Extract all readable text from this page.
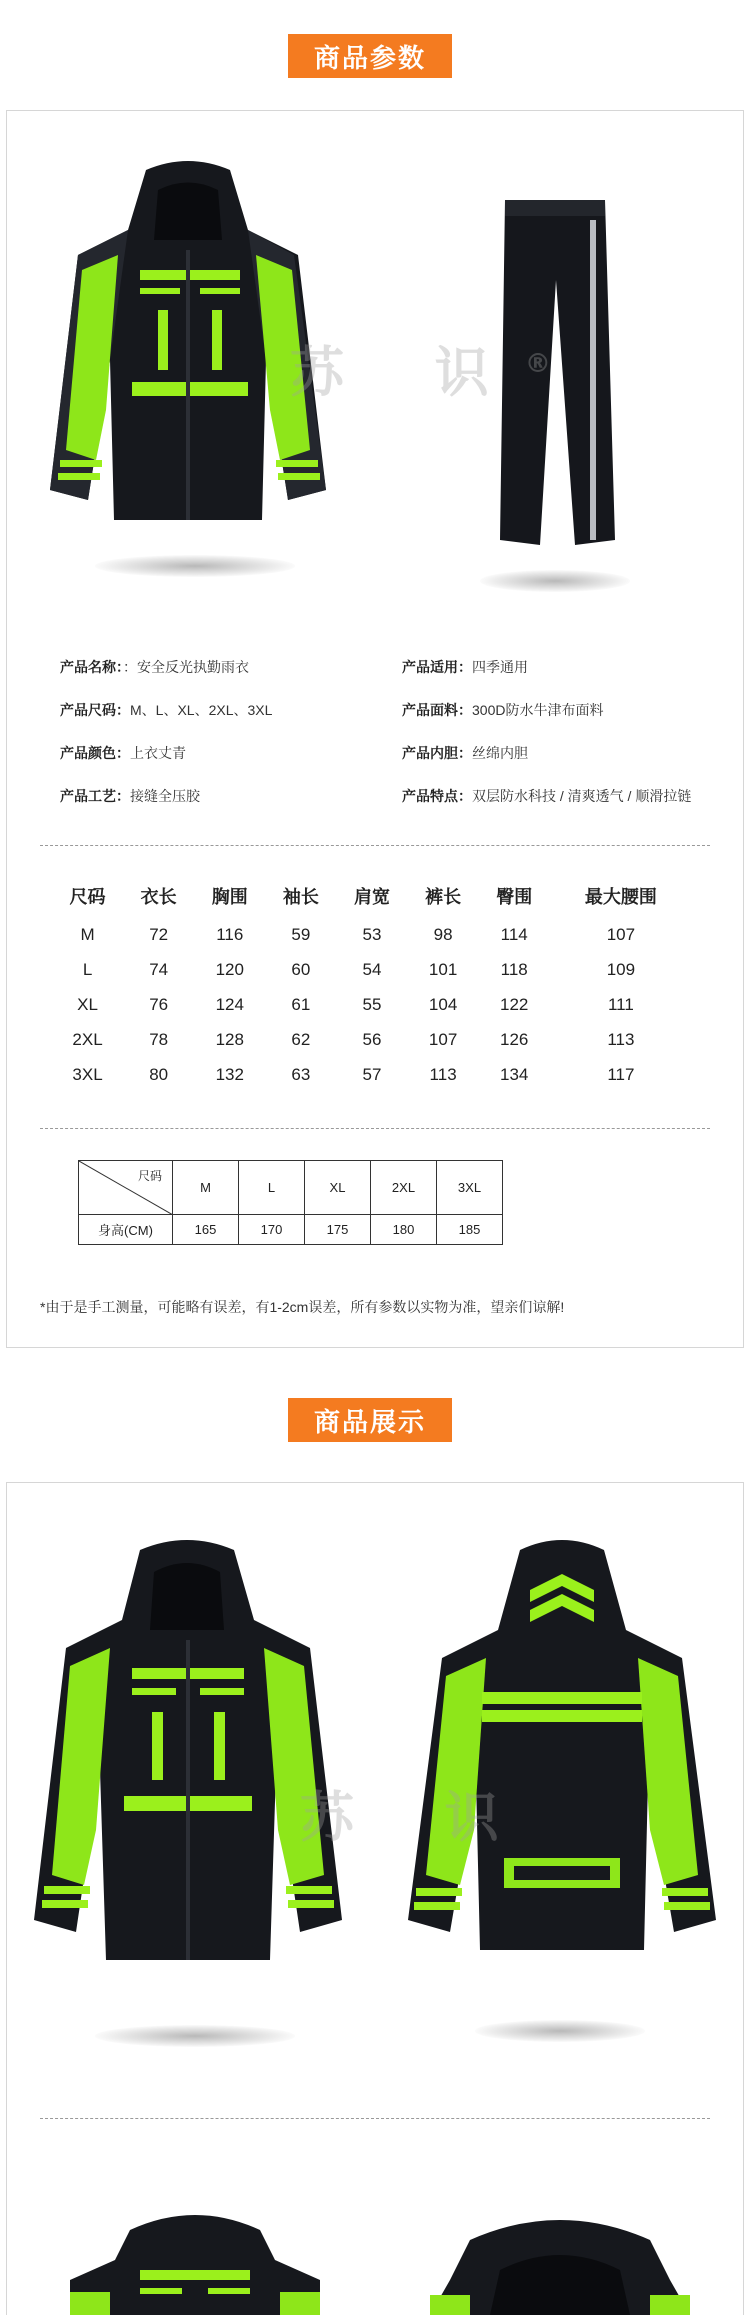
商品参数
苏 识®
产品名称：：安全反光执勤雨衣	产品适用：四季通用
产品尺码：M、L、XL、2XL、3XL	产品面料：300D防水牛津布面料
产品颜色：上衣丈青	产品内胆：丝绵内胆
产品工艺：接缝全压胶	产品特点：双层防水科技 / 清爽透气 / 顺滑拉链
尺码	衣长	胸围	袖长	肩宽	裤长	臀围	最大腰围
M	72	116	59	53	98	114	107
L	74	120	60	54	101	118	109
XL	76	124	61	55	104	122	111
2XL	78	128	62	56	107	126	113
3XL	80	132	63	57	113	134	117
尺码	M	L	XL	2XL	3XL
身高(CM)	165	170	175	180	185
*由于是手工测量，可能略有误差，有1-2cm误差，所有参数以实物为准，望亲们谅解!
商品展示
苏 识
